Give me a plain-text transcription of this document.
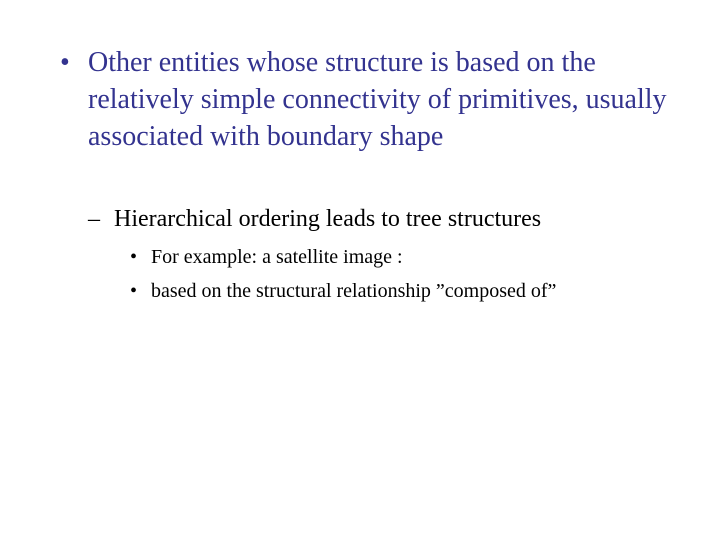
• Other entities whose structure is based on the relatively simple connectivity of primitives, usually associated with boundary shape
– Hierarchical ordering leads to tree structures
• For example: a satellite image :
• based on the structural relationship ”composed of”
